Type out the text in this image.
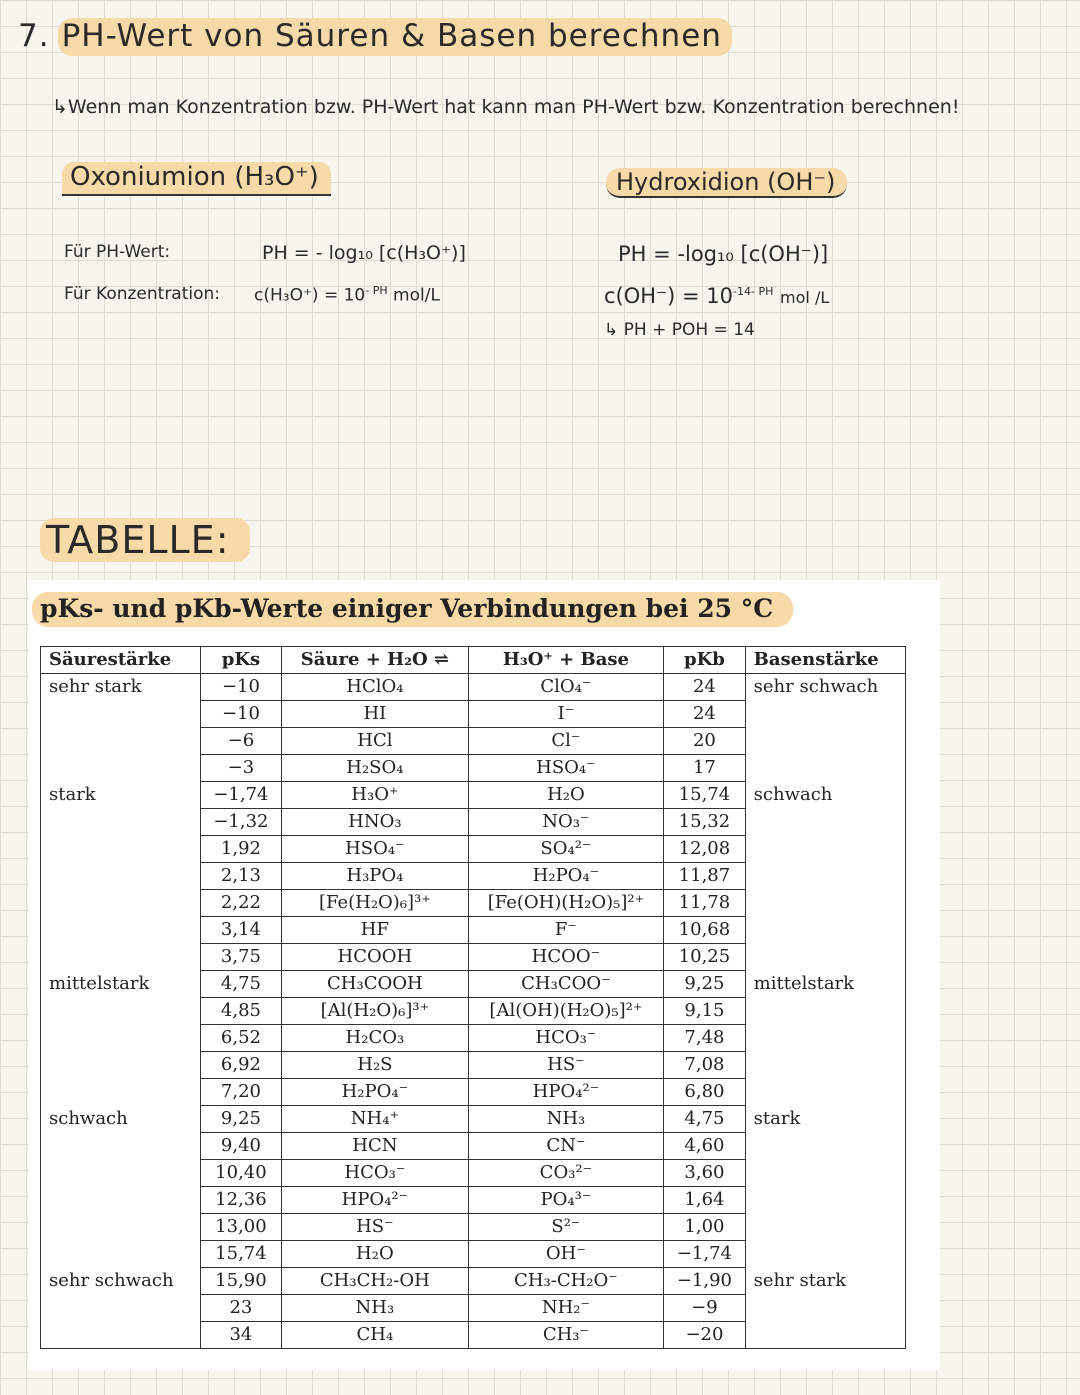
7. PH-Wert von Säuren & Basen berechnen
↳Wenn man Konzentration bzw. PH-Wert hat kann man PH-Wert bzw. Konzentration berechnen!
Oxoniumion (H₃O⁺)	Hydroxidion (OH⁻)
Für PH-Wert:	PH = - log₁₀ [c(H₃O⁺)]
Für Konzentration: $c(H_3O^+) = 10^{- PH}$ mol/L
PH = -log₁₀ [c(OH⁻)]
$c(OH^-) = 10^{-14- PH}$ mol /L
↳ PH + POH = 14
TABELLE:
pKs- und pKb-Werte einiger Verbindungen bei 25 °C
Säurestärke	pKs	Säure + H₂O ⇌	H₃O⁺ + Base	pKb	Basenstärke
sehr stark	−10	HClO₄	ClO₄⁻	24	sehr schwach
	−10	HI	I⁻	24	
	−6	HCl	Cl⁻	20	
	−3	H₂SO₄	HSO₄⁻	17	
stark	−1,74	H₃O⁺	H₂O	15,74	schwach
	−1,32	HNO₃	NO₃⁻	15,32	
	1,92	HSO₄⁻	SO₄²⁻	12,08	
	2,13	H₃PO₄	H₂PO₄⁻	11,87	
	2,22	[Fe(H₂O)₆]³⁺	[Fe(OH)(H₂O)₅]²⁺	11,78	
	3,14	HF	F⁻	10,68	
	3,75	HCOOH	HCOO⁻	10,25	
mittelstark	4,75	CH₃COOH	CH₃COO⁻	9,25	mittelstark
	4,85	[Al(H₂O)₆]³⁺	[Al(OH)(H₂O)₅]²⁺	9,15	
	6,52	H₂CO₃	HCO₃⁻	7,48	
	6,92	H₂S	HS⁻	7,08	
	7,20	H₂PO₄⁻	HPO₄²⁻	6,80	
schwach	9,25	NH₄⁺	NH₃	4,75	stark
	9,40	HCN	CN⁻	4,60	
	10,40	HCO₃⁻	CO₃²⁻	3,60	
	12,36	HPO₄²⁻	PO₄³⁻	1,64	
	13,00	HS⁻	S²⁻	1,00	
	15,74	H₂O	OH⁻	−1,74	
sehr schwach	15,90	CH₃CH₂-OH	CH₃-CH₂O⁻	−1,90	sehr stark
	23	NH₃	NH₂⁻	−9	
	34	CH₄	CH₃⁻	−20	
